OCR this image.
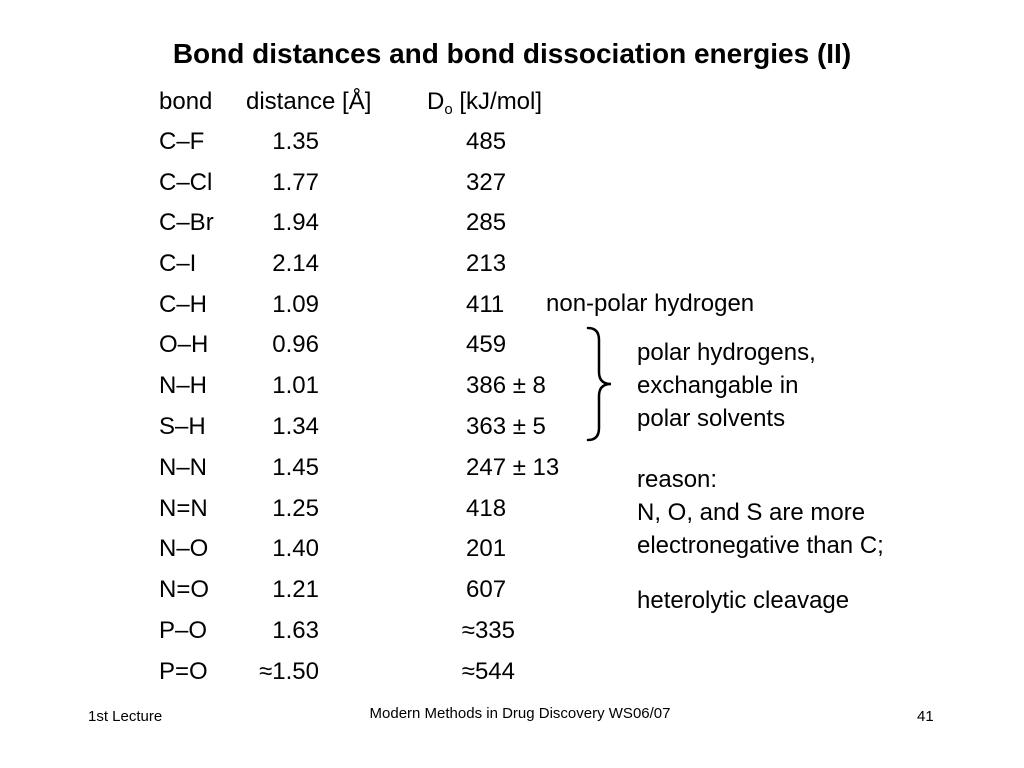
Bond distances and bond dissociation energies (II)
bond distance [Å] $D_o$ [kJ/mol]
C–F	1.35	485
C–Cl	1.77	327
C–Br	1.94	285
C–I	2.14	213
C–H	1.09	411
O–H	0.96	459
N–H	1.01	386 ± 8
S–H	1.34	363 ± 5
N–N	1.45	247 ± 13
N=N	1.25	418
N–O	1.40	201
N=O	1.21	607
P–O	1.63	≈335
P=O	≈1.50	≈544
non-polar hydrogen
polar hydrogens,
exchangable in
polar solvents
reason:
N, O, and S are more
electronegative than C;
heterolytic cleavage
1st Lecture	Modern Methods in Drug Discovery WS06/07	41
